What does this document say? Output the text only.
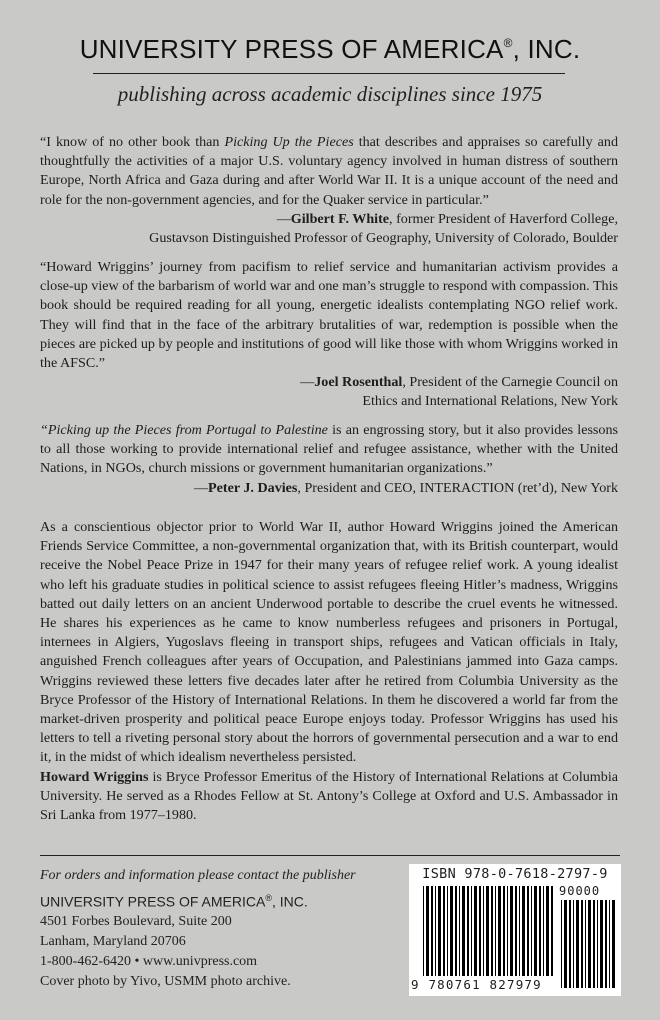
UNIVERSITY PRESS OF AMERICA®, INC.
publishing across academic disciplines since 1975

“I know of no other book than Picking Up the Pieces that describes and appraises so carefully and thoughtfully the activities of a major U.S. voluntary agency involved in human distress of southern Europe, North Africa and Gaza during and after World War II. It is a unique account of the need and role for the non-government agencies, and for the Quaker service in particular.”

—Gilbert F. White, former President of Haverford College,

Gustavson Distinguished Professor of Geography, University of Colorado, Boulder

“Howard Wriggins’ journey from pacifism to relief service and humanitarian activism provides a close-up view of the barbarism of world war and one man’s struggle to respond with compassion. This book should be required reading for all young, energetic idealists contemplating NGO relief work. They will find that in the face of the arbitrary brutalities of war, redemption is possible when the pieces are picked up by people and institutions of good will like those with whom Wriggins worked in the AFSC.”

—Joel Rosenthal, President of the Carnegie Council on

Ethics and International Relations, New York

“Picking up the Pieces from Portugal to Palestine is an engrossing story, but it also provides lessons to all those working to provide international relief and refugee assistance, whether with the United Nations, in NGOs, church missions or government humanitarian organizations.”

—Peter J. Davies, President and CEO, INTERACTION (ret’d), New York

As a conscientious objector prior to World War II, author Howard Wriggins joined the American Friends Service Committee, a non-governmental organization that, with its British counterpart, would receive the Nobel Peace Prize in 1947 for their many years of refugee relief work. A young idealist who left his graduate studies in political science to assist refugees fleeing Hitler’s madness, Wriggins batted out daily letters on an ancient Underwood portable to describe the cruel events he witnessed. He shares his experiences as he came to know numberless refugees and prisoners in Portugal, internees in Algiers, Yugoslavs fleeing in transport ships, refugees and Vatican officials in Italy, anguished French colleagues after years of Occupation, and Palestinians jammed into Gaza camps. Wriggins reviewed these letters five decades later after he retired from Columbia University as the Bryce Professor of the History of International Relations. In them he discovered a world far from the market-driven prosperity and political peace Europe enjoys today. Professor Wriggins has used his letters to tell a riveting personal story about the horrors of governmental persecution and a war to end it, in the midst of which idealism nevertheless persisted.

Howard Wriggins is Bryce Professor Emeritus of the History of International Relations at Columbia University. He served as a Rhodes Fellow at St. Antony’s College at Oxford and U.S. Ambassador in Sri Lanka from 1977–1980.

For orders and information please contact the publisher
UNIVERSITY PRESS OF AMERICA®, INC.
4501 Forbes Boulevard, Suite 200
Lanham, Maryland 20706
1-800-462-6420 • www.univpress.com
Cover photo by Yivo, USMM photo archive.
ISBN 978-0-7618-2797-9
90000
9 780761 827979
